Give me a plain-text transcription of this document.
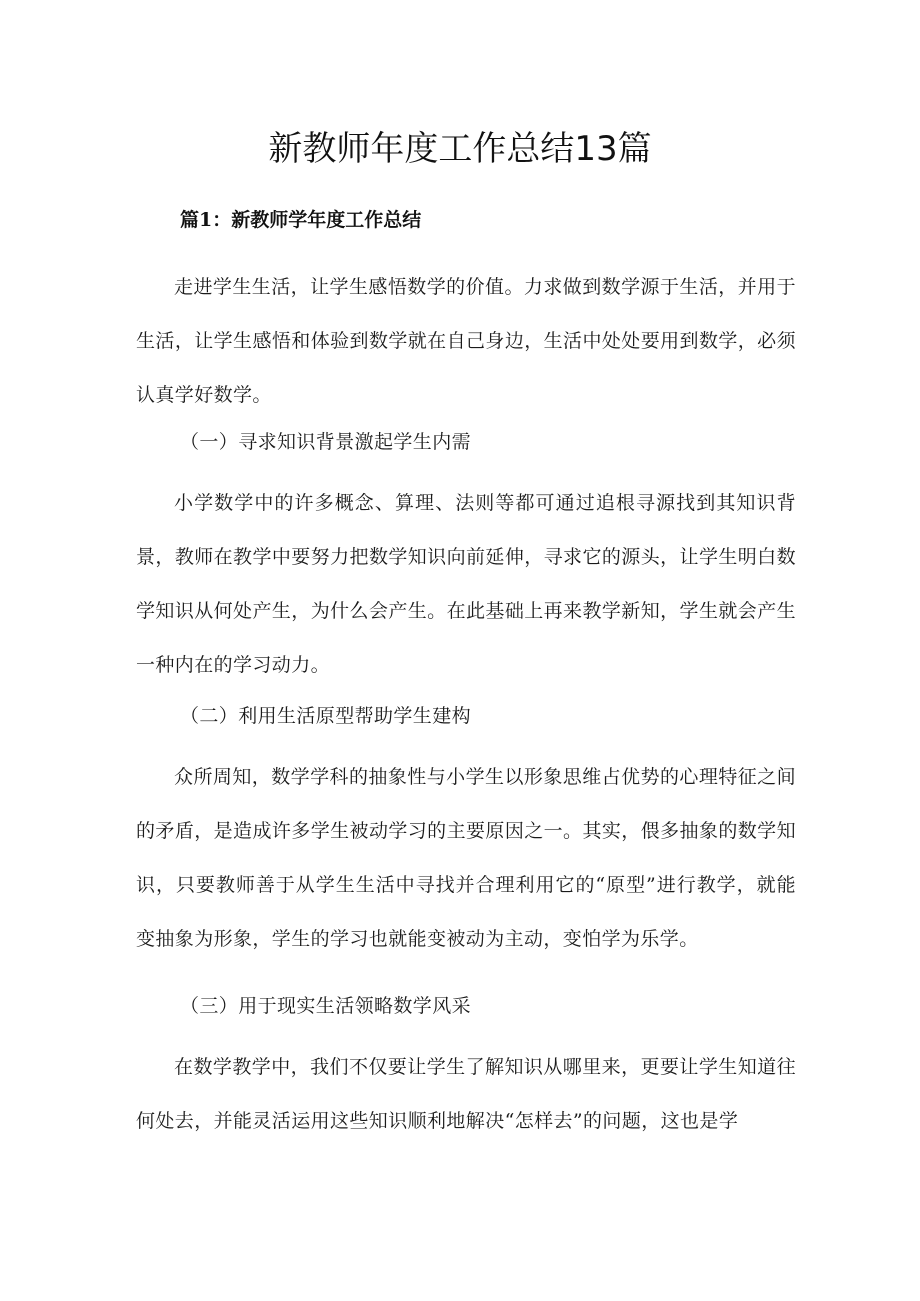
新教师年度工作总结13篇

篇1：新教师学年度工作总结

走进学生生活，让学生感悟数学的价值。力求做到数学源于生活，并用于生活，让学生感悟和体验到数学就在自己身边，生活中处处要用到数学，必须认真学好数学。

（一）寻求知识背景激起学生内需

小学数学中的许多概念、算理、法则等都可通过追根寻源找到其知识背景，教师在教学中要努力把数学知识向前延伸，寻求它的源头，让学生明白数学知识从何处产生，为什么会产生。在此基础上再来教学新知，学生就会产生一种内在的学习动力。

（二）利用生活原型帮助学生建构

众所周知，数学学科的抽象性与小学生以形象思维占优势的心理特征之间的矛盾，是造成许多学生被动学习的主要原因之一。其实，偎多抽象的数学知识，只要教师善于从学生生活中寻找并合理利用它的“原型”进行教学，就能变抽象为形象，学生的学习也就能变被动为主动，变怕学为乐学。

（三）用于现实生活领略数学风采

在数学教学中，我们不仅要让学生了解知识从哪里来，更要让学生知道往何处去，并能灵活运用这些知识顺利地解决“怎样去”的问题，这也是学
